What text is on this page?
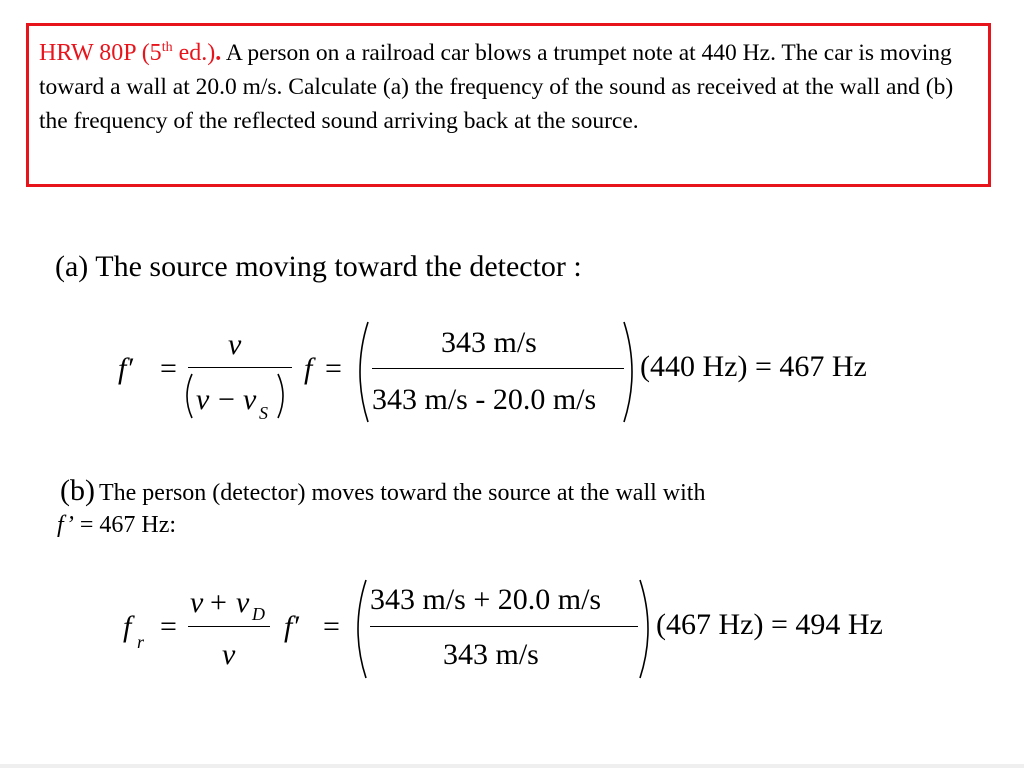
HRW 80P (5th ed.). A person on a railroad car blows a trumpet note at 440 Hz. The car is moving toward a wall at 20.0 m/s. Calculate (a) the frequency of the sound as received at the wall and (b) the frequency of the reflected sound arriving back at the source.
(a) The source moving toward the detector :
f′ =
v
v − v S
f =
343 m/s
343 m/s - 20.0 m/s
(440 Hz) = 467 Hz
(b) The person (detector) moves toward the source at the wall with
f’ = 467 Hz:
f r =
v + v D
v
f′ =
343 m/s + 20.0 m/s
343 m/s
(467 Hz) = 494 Hz
